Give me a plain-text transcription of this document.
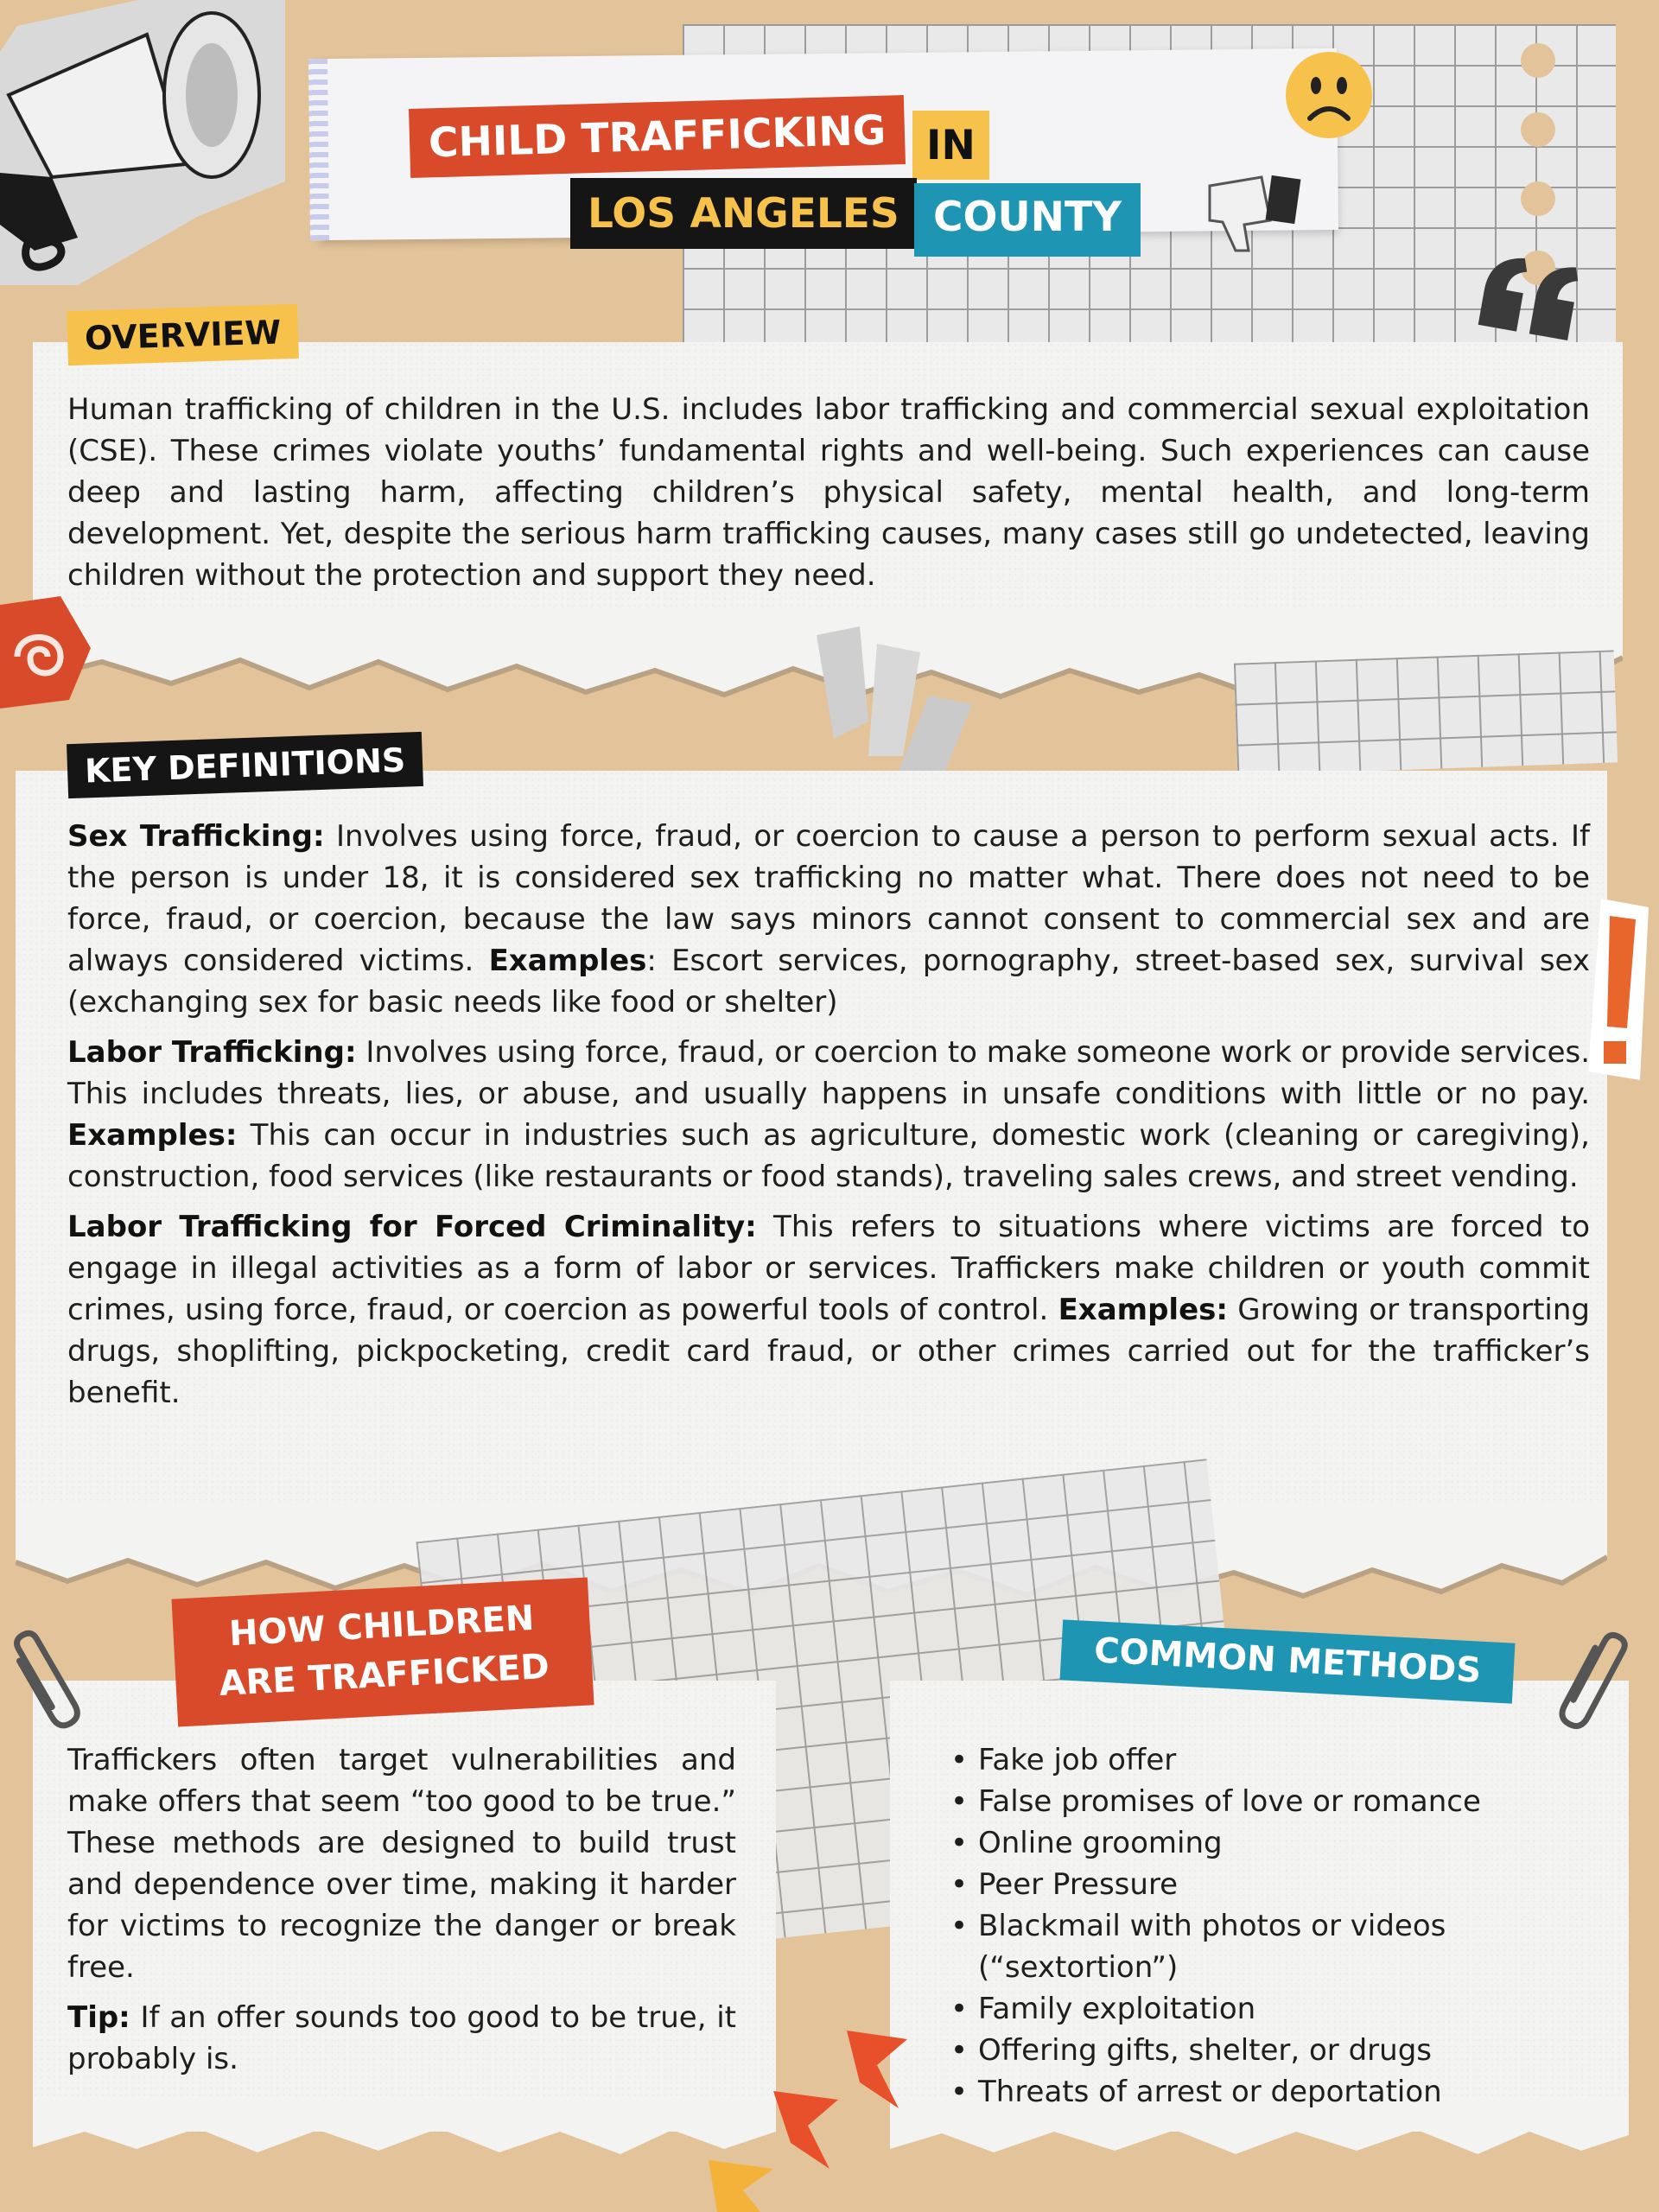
CHILD TRAFFICKING IN
LOS ANGELES COUNTY
OVERVIEW

Human trafficking of children in the U.S. includes labor trafficking and commercial sexual exploitation (CSE). These crimes violate youths’ fundamental rights and well-being. Such experiences can cause deep and lasting harm, affecting children’s physical safety, mental health, and long-term development. Yet, despite the serious harm trafficking causes, many cases still go undetected, leaving children without the protection and support they need.

KEY DEFINITIONS

Sex Trafficking: Involves using force, fraud, or coercion to cause a person to perform sexual acts. If the person is under 18, it is considered sex trafficking no matter what. There does not need to be force, fraud, or coercion, because the law says minors cannot consent to commercial sex and are always considered victims. Examples: Escort services, pornography, street-based sex, survival sex (exchanging sex for basic needs like food or shelter)

Labor Trafficking: Involves using force, fraud, or coercion to make someone work or provide services. This includes threats, lies, or abuse, and usually happens in unsafe conditions with little or no pay. Examples: This can occur in industries such as agriculture, domestic work (cleaning or caregiving), construction, food services (like restaurants or food stands), traveling sales crews, and street vending.

Labor Trafficking for Forced Criminality: This refers to situations where victims are forced to engage in illegal activities as a form of labor or services. Traffickers make children or youth commit crimes, using force, fraud, or coercion as powerful tools of control. Examples: Growing or transporting drugs, shoplifting, pickpocketing, credit card fraud, or other crimes carried out for the trafficker’s benefit.

HOW CHILDREN
ARE TRAFFICKED	COMMON METHODS

Traffickers often target vulnerabilities and make offers that seem “too good to be true.” These methods are designed to build trust and dependence over time, making it harder for victims to recognize the danger or break free.

Tip: If an offer sounds too good to be true, it probably is.

• Fake job offer
• False promises of love or romance
• Online grooming
• Peer Pressure
• Blackmail with photos or videos (“sextortion”)
• Family exploitation
• Offering gifts, shelter, or drugs
• Threats of arrest or deportation
